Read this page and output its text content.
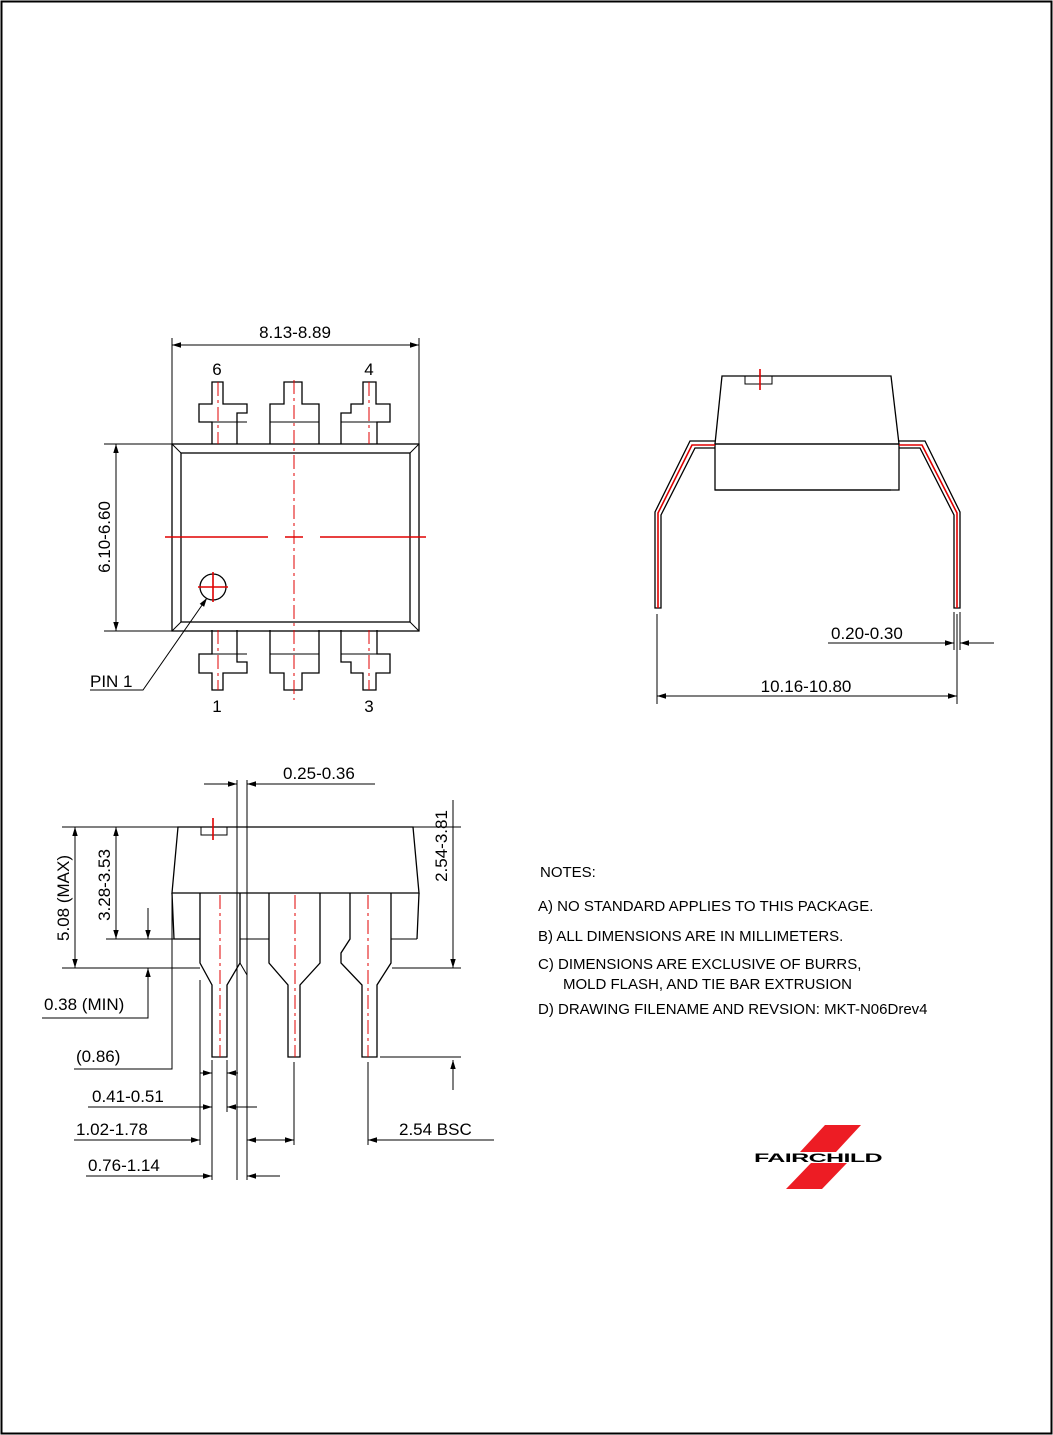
8.13-8.89
6.10-6.60
6	4
1	3
PIN 1
0.20-0.30
10.16-10.80
0.25-0.36
2.54-3.81
5.08 (MAX) 3.28-3.53
0.38 (MIN)
(0.86)
0.41-0.51
1.02-1.78	2.54 BSC
0.76-1.14
NOTES:
A) NO STANDARD APPLIES TO THIS PACKAGE.
B) ALL DIMENSIONS ARE IN MILLIMETERS.
C) DIMENSIONS ARE EXCLUSIVE OF BURRS,
MOLD FLASH, AND TIE BAR EXTRUSION
D) DRAWING FILENAME AND REVSION: MKT-N06Drev4
FAIRCHILD
